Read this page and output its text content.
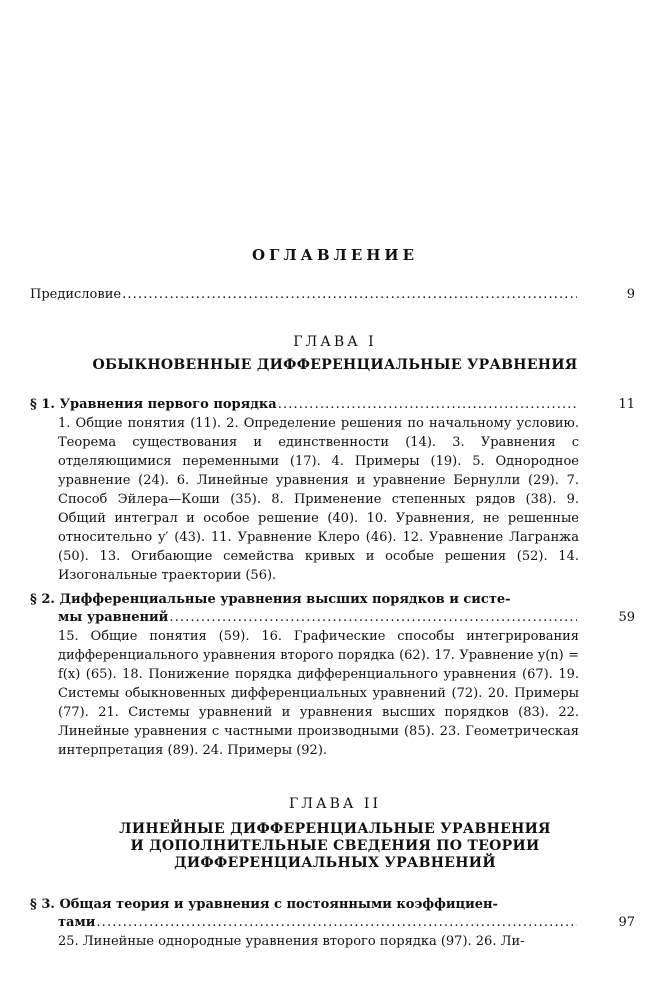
ОГЛАВЛЕНИЕ
Предисловие . . .	9
ГЛАВА I
ОБЫКНОВЕННЫЕ ДИФФЕРЕНЦИАЛЬНЫЕ УРАВНЕНИЯ
§ 1. Уравнения первого порядка . . .	11
1. Общие понятия (11). 2. Определение решения по начальному условию. Теорема существования и единственности (14). 3. Уравнения с отделяющимися переменными (17). 4. Примеры (19). 5. Однородное уравнение (24). 6. Линейные уравнения и уравнение Бернулли (29). 7. Способ Эйлера—Коши (35). 8. Применение степенных рядов (38). 9. Общий интеграл и особое решение (40). 10. Уравнения, не решенные относительно y′ (43). 11. Уравнение Клеро (46). 12. Уравнение Лагранжа (50). 13. Огибающие семейства кривых и особые решения (52). 14. Изогональные траектории (56).
§ 2. Дифференциальные уравнения высших порядков и систе-
мы уравнений . . .	59
15. Общие понятия (59). 16. Графические способы интегрирования дифференциального уравнения второго порядка (62). 17. Уравнение y(n) = f(x) (65). 18. Понижение порядка дифференциального уравнения (67). 19. Системы обыкновенных дифференциальных уравнений (72). 20. Примеры (77). 21. Системы уравнений и уравнения высших порядков (83). 22. Линейные уравнения с частными производными (85). 23. Геометрическая интерпретация (89). 24. Примеры (92).
ГЛАВА II
ЛИНЕЙНЫЕ ДИФФЕРЕНЦИАЛЬНЫЕ УРАВНЕНИЯ
И ДОПОЛНИТЕЛЬНЫЕ СВЕДЕНИЯ ПО ТЕОРИИ
ДИФФЕРЕНЦИАЛЬНЫХ УРАВНЕНИЙ
§ 3. Общая теория и уравнения с постоянными коэффициен-
тами . . .	97
25. Линейные однородные уравнения второго порядка (97). 26. Ли-
